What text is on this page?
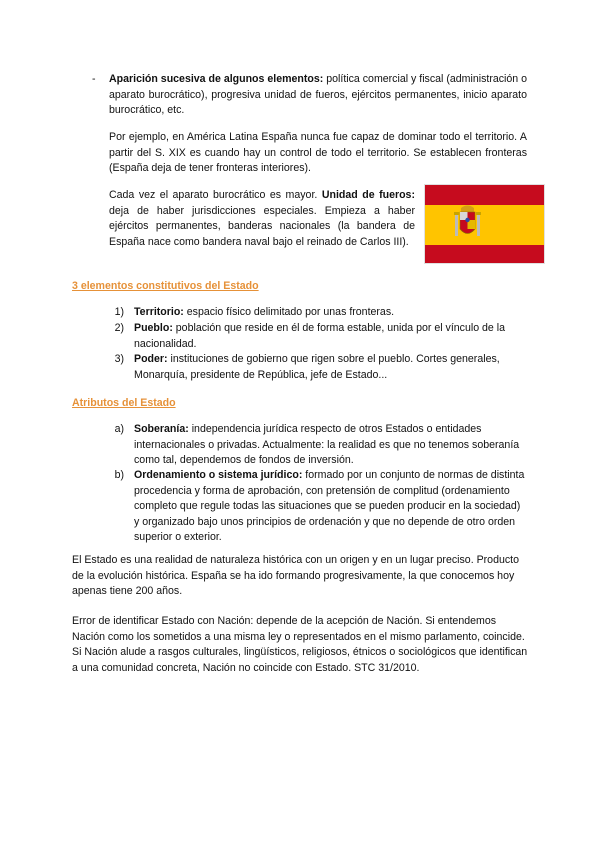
- Aparición sucesiva de algunos elementos: política comercial y fiscal (administración o aparato burocrático), progresiva unidad de fueros, ejércitos permanentes, inicio aparato burocrático, etc.

Por ejemplo, en América Latina España nunca fue capaz de dominar todo el territorio. A partir del S. XIX es cuando hay un control de todo el territorio. Se establecen fronteras (España deja de tener fronteras interiores).

Cada vez el aparato burocrático es mayor. Unidad de fueros: deja de haber jurisdicciones especiales. Empieza a haber ejércitos permanentes, banderas nacionales (la bandera de España nace como bandera naval bajo el reinado de Carlos III).

3 elementos constitutivos del Estado
1) Territorio: espacio físico delimitado por unas fronteras.
2) Pueblo: población que reside en él de forma estable, unida por el vínculo de la nacionalidad.
3) Poder: instituciones de gobierno que rigen sobre el pueblo. Cortes generales, Monarquía, presidente de República, jefe de Estado...
Atributos del Estado
a) Soberanía: independencia jurídica respecto de otros Estados o entidades internacionales o privadas. Actualmente: la realidad es que no tenemos soberanía como tal, dependemos de fondos de inversión.
b) Ordenamiento o sistema jurídico: formado por un conjunto de normas de distinta procedencia y forma de aprobación, con pretensión de complitud (ordenamiento completo que regule todas las situaciones que se pueden producir en la sociedad) y organizado bajo unos principios de ordenación y que no depende de otro orden superior o exterior.

El Estado es una realidad de naturaleza histórica con un origen y en un lugar preciso. Producto de la evolución histórica. España se ha ido formando progresivamente, la que conocemos hoy apenas tiene 200 años.

Error de identificar Estado con Nación: depende de la acepción de Nación. Si entendemos Nación como los sometidos a una misma ley o representados en el mismo parlamento, coincide. Si Nación alude a rasgos culturales, lingüísticos, religiosos, étnicos o sociológicos que identifican a una comunidad concreta, Nación no coincide con Estado. STC 31/2010.
